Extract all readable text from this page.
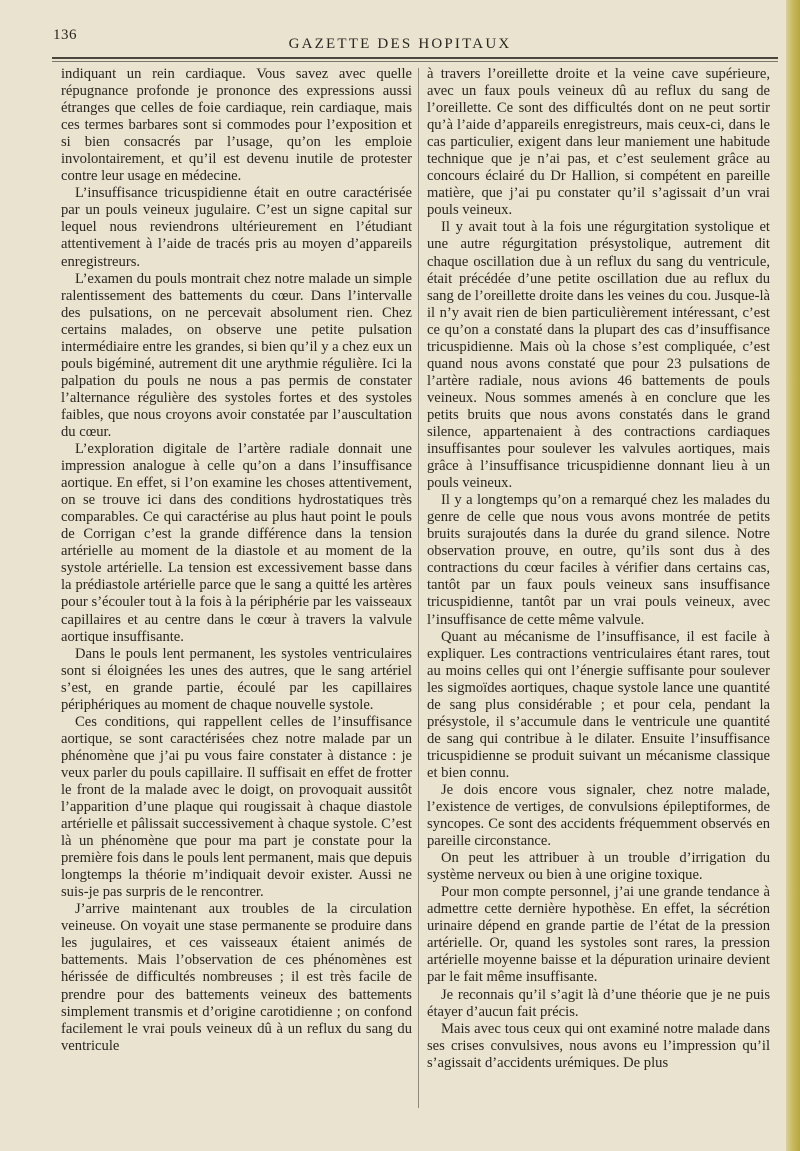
136
GAZETTE DES HOPITAUX

indiquant un rein cardiaque. Vous savez avec quelle répugnance profonde je prononce des expressions aussi étranges que celles de foie cardiaque, rein cardiaque, mais ces termes barbares sont si commodes pour l’exposition et si bien consacrés par l’usage, qu’on les emploie involontairement, et qu’il est devenu inutile de protester contre leur usage en médecine.

L’insuffisance tricuspidienne était en outre caractérisée par un pouls veineux jugulaire. C’est un signe capital sur lequel nous reviendrons ultérieurement en l’étudiant attentivement à l’aide de tracés pris au moyen d’appareils enregistreurs.

L’examen du pouls montrait chez notre malade un simple ralentissement des battements du cœur. Dans l’intervalle des pulsations, on ne percevait absolument rien. Chez certains malades, on observe une petite pulsation intermédiaire entre les grandes, si bien qu’il y a chez eux un pouls bigéminé, autrement dit une arythmie régulière. Ici la palpation du pouls ne nous a pas permis de constater l’alternance régulière des systoles fortes et des systoles faibles, que nous croyons avoir constatée par l’auscultation du cœur.

L’exploration digitale de l’artère radiale donnait une impression analogue à celle qu’on a dans l’insuffisance aortique. En effet, si l’on examine les choses attentivement, on se trouve ici dans des conditions hydrostatiques très comparables. Ce qui caractérise au plus haut point le pouls de Corrigan c’est la grande différence dans la tension artérielle au moment de la diastole et au moment de la systole artérielle. La tension est excessivement basse dans la prédiastole artérielle parce que le sang a quitté les artères pour s’écouler tout à la fois à la périphérie par les vaisseaux capillaires et au centre dans le cœur à travers la valvule aortique insuffisante.

Dans le pouls lent permanent, les systoles ventriculaires sont si éloignées les unes des autres, que le sang artériel s’est, en grande partie, écoulé par les capillaires périphériques au moment de chaque nouvelle systole.

Ces conditions, qui rappellent celles de l’insuffisance aortique, se sont caractérisées chez notre malade par un phénomène que j’ai pu vous faire constater à distance : je veux parler du pouls capillaire. Il suffisait en effet de frotter le front de la malade avec le doigt, on provoquait aussitôt l’apparition d’une plaque qui rougissait à chaque diastole artérielle et pâlissait successivement à chaque systole. C’est là un phénomène que pour ma part je constate pour la première fois dans le pouls lent permanent, mais que depuis longtemps la théorie m’indiquait devoir exister. Aussi ne suis-je pas surpris de le rencontrer.

J’arrive maintenant aux troubles de la circulation veineuse. On voyait une stase permanente se produire dans les jugulaires, et ces vaisseaux étaient animés de battements. Mais l’observation de ces phénomènes est hérissée de difficultés nombreuses ; il est très facile de prendre pour des battements veineux des battements simplement transmis et d’origine carotidienne ; on confond facilement le vrai pouls veineux dû à un reflux du sang du ventricule

à travers l’oreillette droite et la veine cave supérieure, avec un faux pouls veineux dû au reflux du sang de l’oreillette. Ce sont des difficultés dont on ne peut sortir qu’à l’aide d’appareils enregistreurs, mais ceux-ci, dans le cas particulier, exigent dans leur maniement une habitude technique que je n’ai pas, et c’est seulement grâce au concours éclairé du Dr Hallion, si compétent en pareille matière, que j’ai pu constater qu’il s’agissait d’un vrai pouls veineux.

Il y avait tout à la fois une régurgitation systolique et une autre régurgitation présystolique, autrement dit chaque oscillation due à un reflux du sang du ventricule, était précédée d’une petite oscillation due au reflux du sang de l’oreillette droite dans les veines du cou. Jusque-là il n’y avait rien de bien particulièrement intéressant, c’est ce qu’on a constaté dans la plupart des cas d’insuffisance tricuspidienne. Mais où la chose s’est compliquée, c’est quand nous avons constaté que pour 23 pulsations de l’artère radiale, nous avions 46 battements de pouls veineux. Nous sommes amenés à en conclure que les petits bruits que nous avons constatés dans le grand silence, appartenaient à des contractions cardiaques insuffisantes pour soulever les valvules aortiques, mais grâce à l’insuffisance tricuspidienne donnant lieu à un pouls veineux.

Il y a longtemps qu’on a remarqué chez les malades du genre de celle que nous vous avons montrée de petits bruits surajoutés dans la durée du grand silence. Notre observation prouve, en outre, qu’ils sont dus à des contractions du cœur faciles à vérifier dans certains cas, tantôt par un faux pouls veineux sans insuffisance tricuspidienne, tantôt par un vrai pouls veineux, avec l’insuffisance de cette même valvule.

Quant au mécanisme de l’insuffisance, il est facile à expliquer. Les contractions ventriculaires étant rares, tout au moins celles qui ont l’énergie suffisante pour soulever les sigmoïdes aortiques, chaque systole lance une quantité de sang plus considérable ; et pour cela, pendant la présystole, il s’accumule dans le ventricule une quantité de sang qui contribue à le dilater. Ensuite l’insuffisance tricuspidienne se produit suivant un mécanisme classique et bien connu.

Je dois encore vous signaler, chez notre malade, l’existence de vertiges, de convulsions épileptiformes, de syncopes. Ce sont des accidents fréquemment observés en pareille circonstance.

On peut les attribuer à un trouble d’irrigation du système nerveux ou bien à une origine toxique.

Pour mon compte personnel, j’ai une grande tendance à admettre cette dernière hypothèse. En effet, la sécrétion urinaire dépend en grande partie de l’état de la pression artérielle. Or, quand les systoles sont rares, la pression artérielle moyenne baisse et la dépuration urinaire devient par le fait même insuffisante.

Je reconnais qu’il s’agit là d’une théorie que je ne puis étayer d’aucun fait précis.

Mais avec tous ceux qui ont examiné notre malade dans ses crises convulsives, nous avons eu l’impression qu’il s’agissait d’accidents urémiques. De plus
